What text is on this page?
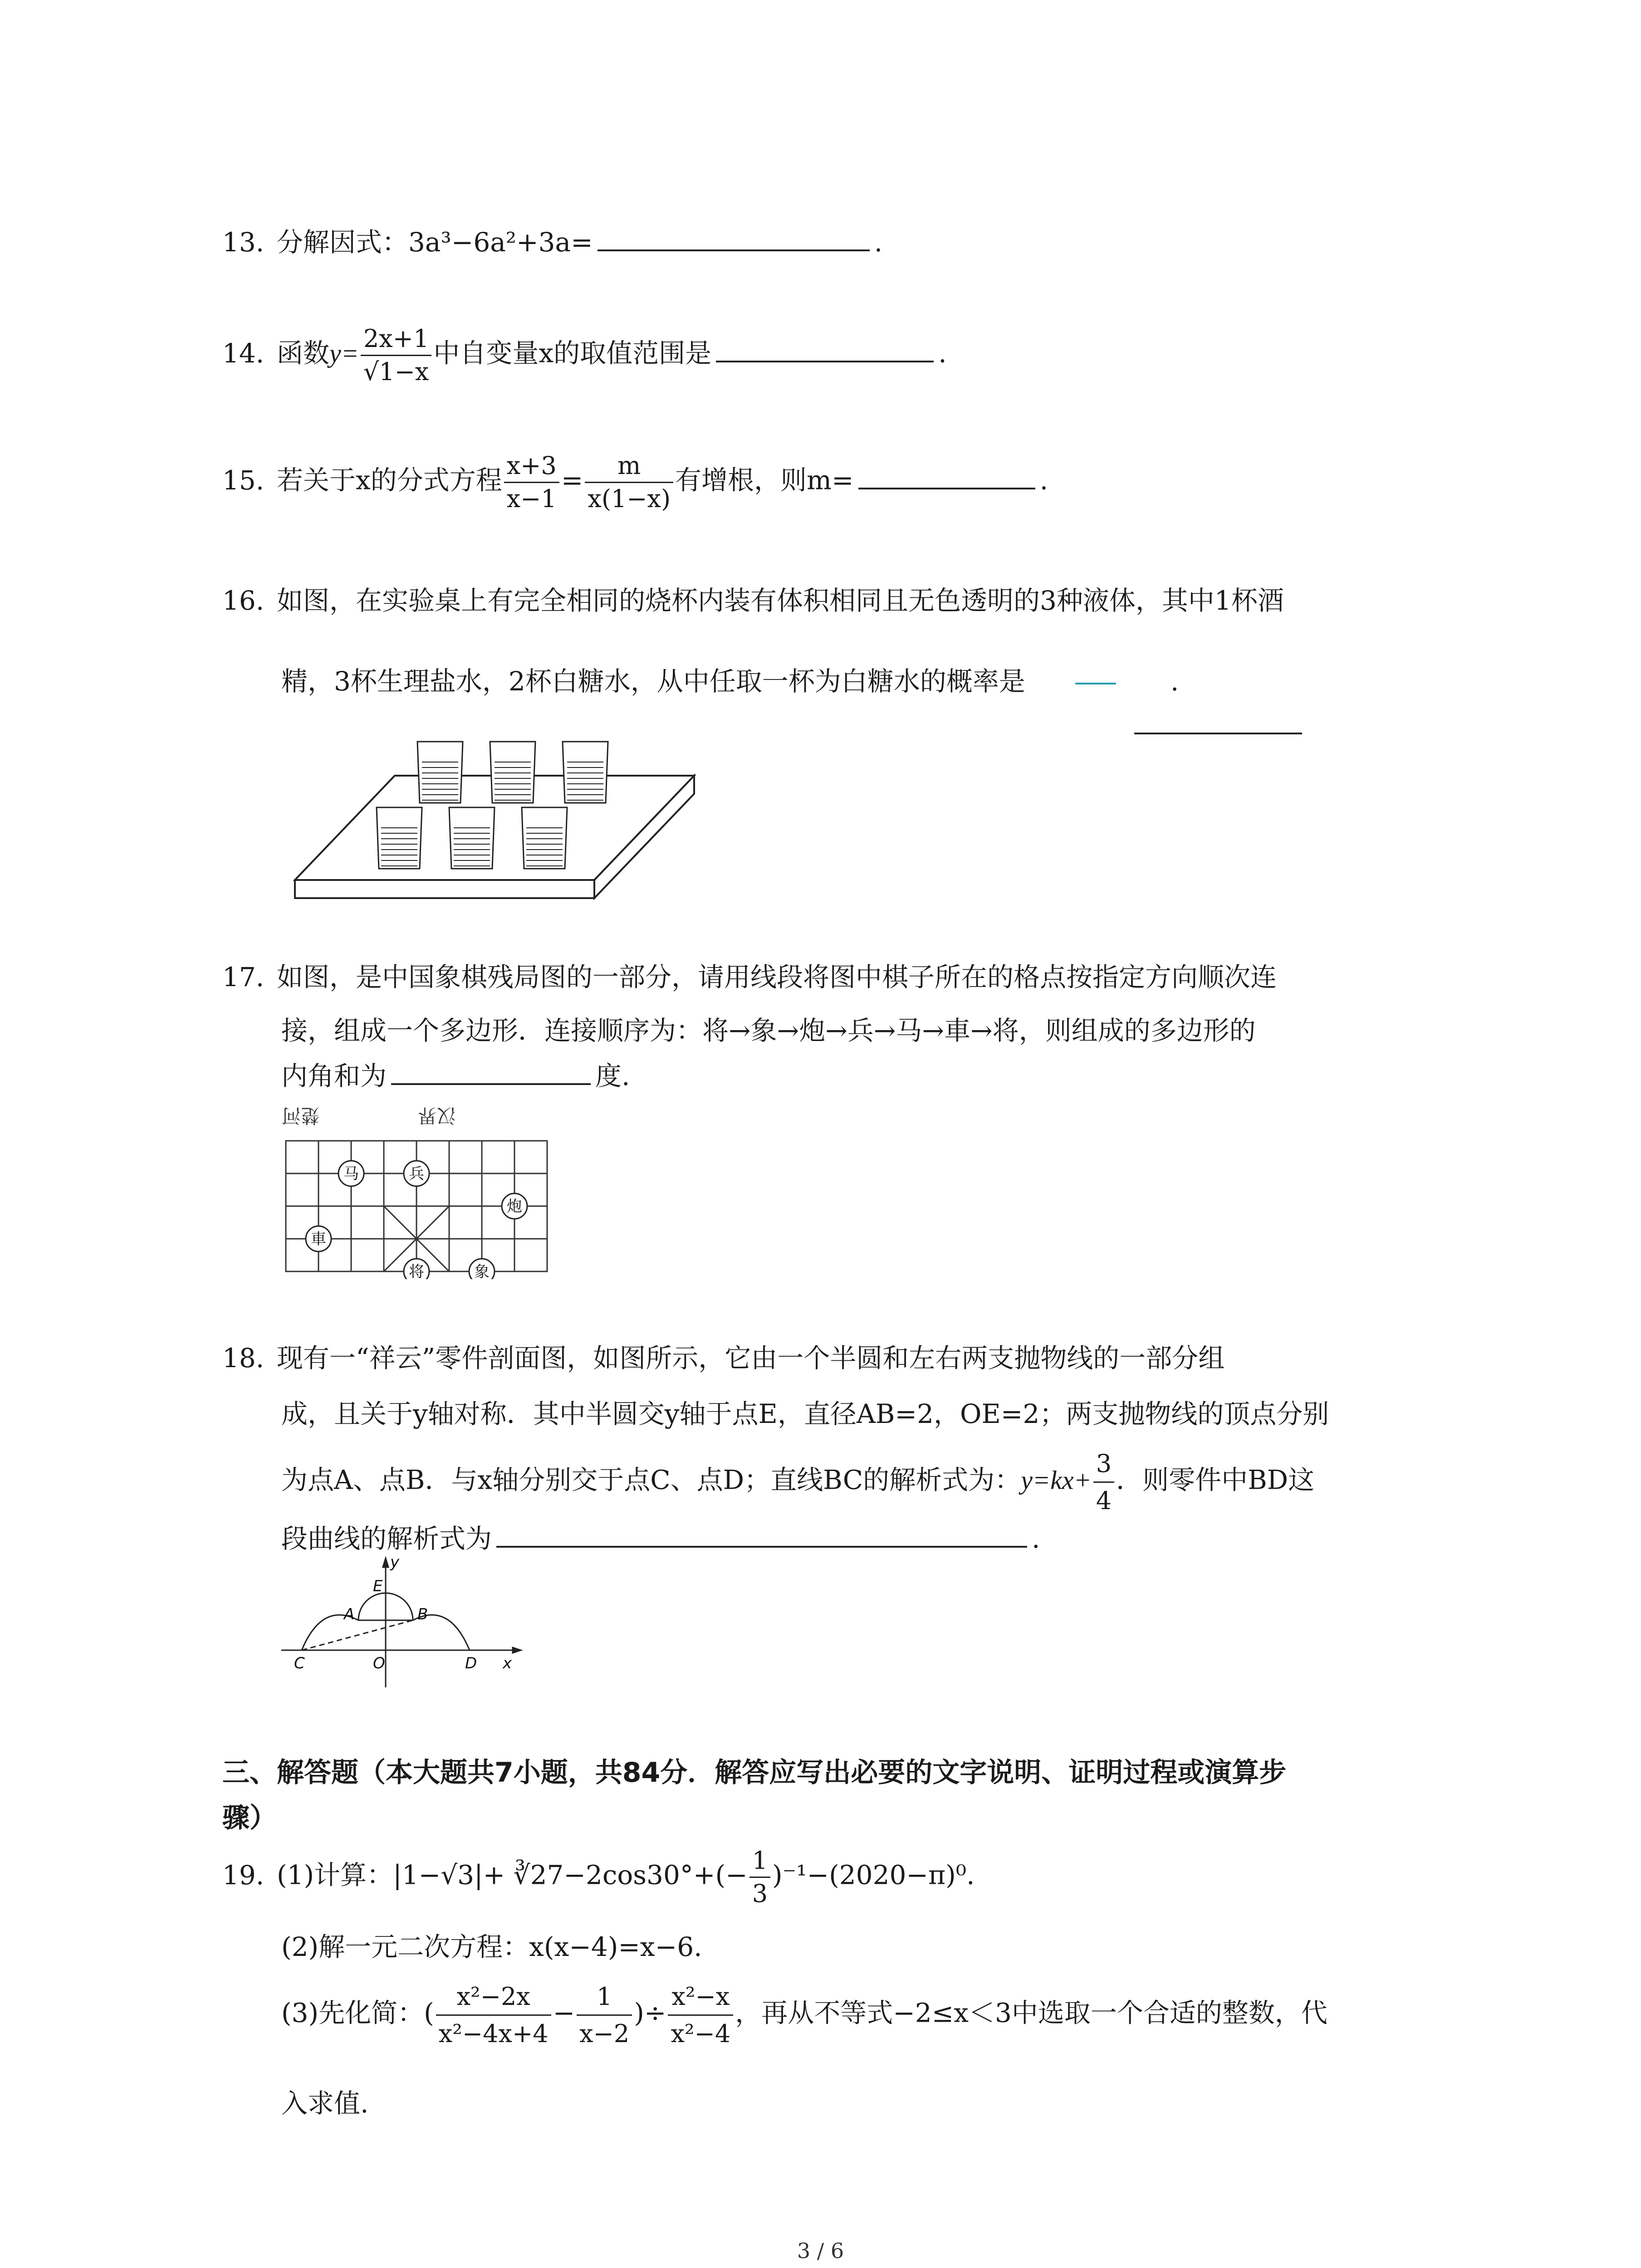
13. 分解因式：3a³−6a²+3a=	.
14. 函数$y= \frac{2x+1}{√1-x}$ 中自变量x的取值范围是	.
15. 若关于x的分式方程 $\frac{x+3}{x-1} = \frac{m}{x(1-x)}$ 有增根，则m=	.
16. 如图，在实验桌上有完全相同的烧杯内装有体积相同且无色透明的3种液体，其中1杯酒
精，3杯生理盐水，2杯白糖水，从中任取一杯为白糖水的概率是	.
17. 如图，是中国象棋残局图的一部分，请用线段将图中棋子所在的格点按指定方向顺次连
接，组成一个多边形．连接顺序为：将→象→炮→兵→马→車→将，则组成的多边形的
内角和为	度.
楚河	汉界
马	兵
炮
車
将	象
18. 现有一“祥云”零件剖面图，如图所示，它由一个半圆和左右两支抛物线的一部分组
成，且关于y轴对称．其中半圆交y轴于点E，直径AB=2，OE=2；两支抛物线的顶点分别
为点A、点B．与x轴分别交于点C、点D；直线BC的解析式为：$y=kx+ \frac{3}{4}$ ．则零件中BD这
段曲线的解析式为	.
E
y
A	B
C	O	D x
三、解答题（本大题共7小题，共84分．解答应写出必要的文字说明、证明过程或演算步
骤）
19. (1)计算：|1−√3|+ ∛27−2cos30°+(− $\frac{1}{3} )^{-1}-(2020-\pi)^0$.
(2)解一元二次方程：x(x−4)=x−6.
(3)先化简：( $\frac{\text{x²−2x}}{\text{x²−4x+4}} - \frac{1}{x-2}$ )÷ $\frac{\text{x²−x}}{\text{x²−4}}$ ，再从不等式−2≤x＜3中选取一个合适的整数，代
入求值.
3 / 6
